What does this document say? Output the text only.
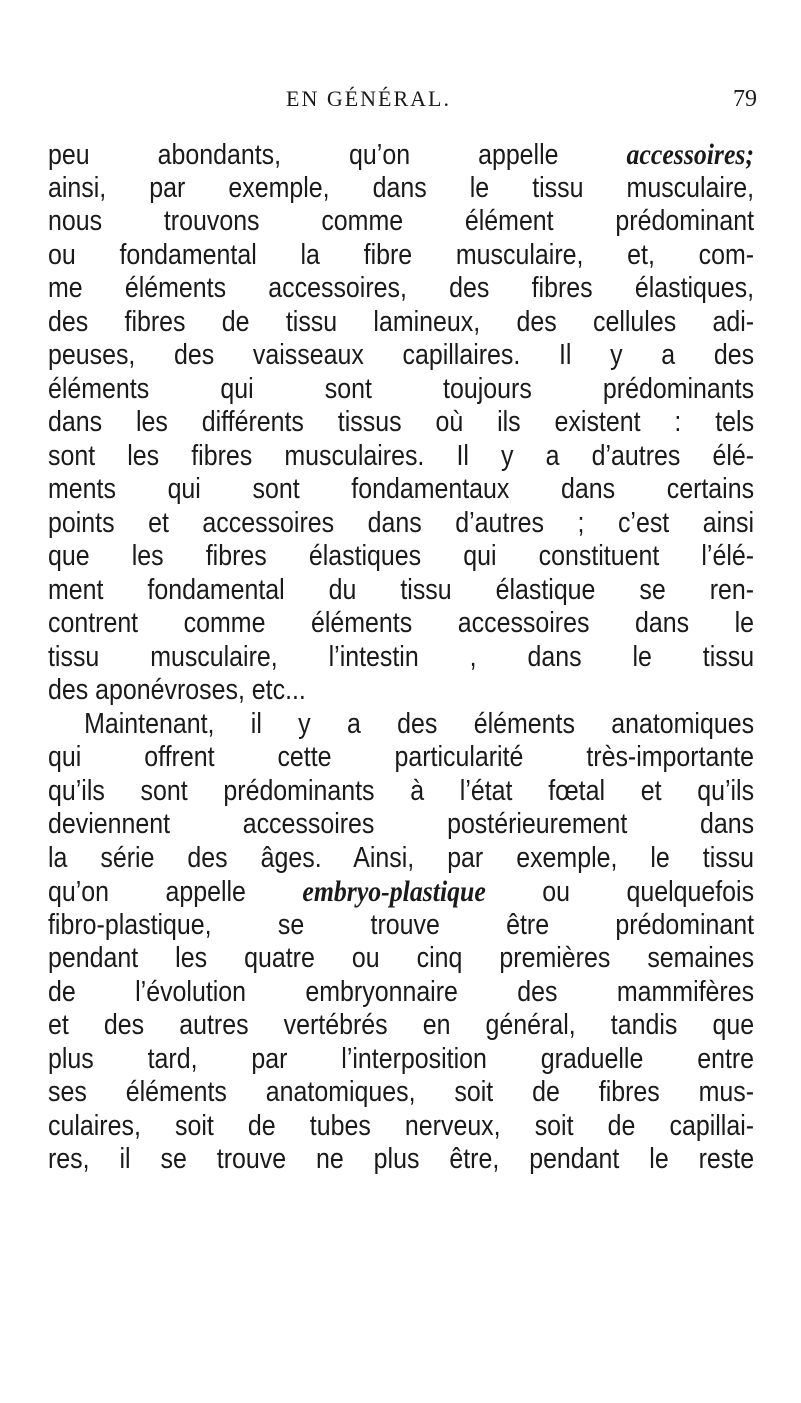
EN GÉNÉRAL.	79
peu abondants, qu’on appelle accessoires;
ainsi, par exemple, dans le tissu musculaire,
nous trouvons comme élément prédominant
ou fondamental la fibre musculaire, et, com-
me éléments accessoires, des fibres élastiques,
des fibres de tissu lamineux, des cellules adi-
peuses, des vaisseaux capillaires. Il y a des
éléments qui sont toujours prédominants
dans les différents tissus où ils existent : tels
sont les fibres musculaires. Il y a d’autres élé-
ments qui sont fondamentaux dans certains
points et accessoires dans d’autres ; c’est ainsi
que les fibres élastiques qui constituent l’élé-
ment fondamental du tissu élastique se ren-
contrent comme éléments accessoires dans le
tissu musculaire, l’intestin , dans le tissu
des aponévroses, etc...
Maintenant, il y a des éléments anatomiques
qui offrent cette particularité très-importante
qu’ils sont prédominants à l’état fœtal et qu’ils
deviennent accessoires postérieurement dans
la série des âges. Ainsi, par exemple, le tissu
qu’on appelle embryo-plastique ou quelquefois
fibro-plastique, se trouve être prédominant
pendant les quatre ou cinq premières semaines
de l’évolution embryonnaire des mammifères
et des autres vertébrés en général, tandis que
plus tard, par l’interposition graduelle entre
ses éléments anatomiques, soit de fibres mus-
culaires, soit de tubes nerveux, soit de capillai-
res, il se trouve ne plus être, pendant le reste
